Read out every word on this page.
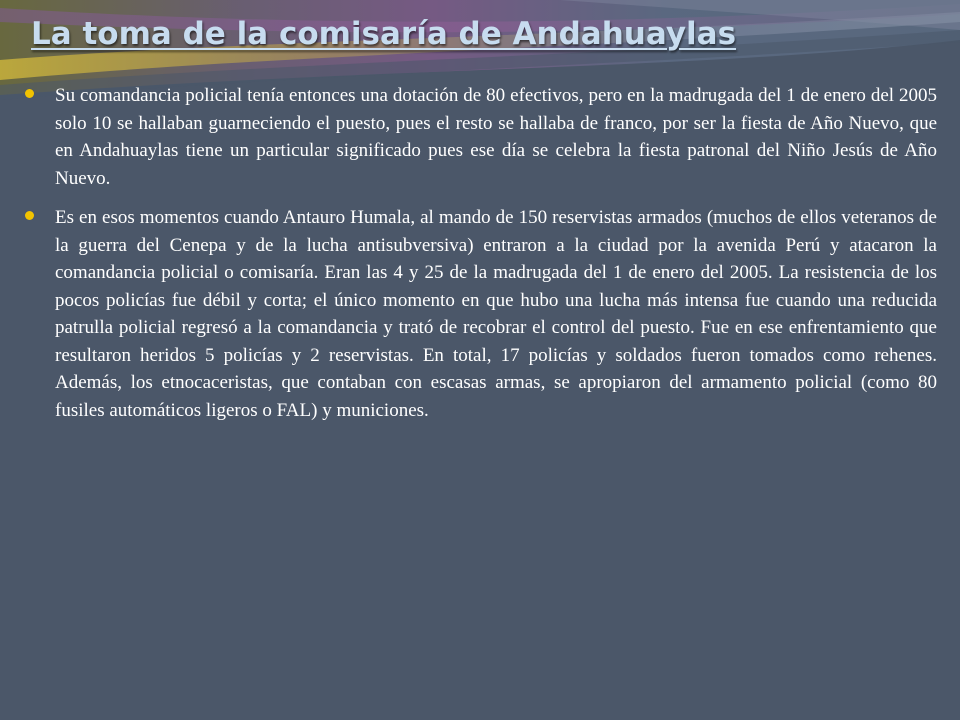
La toma de la comisaría de Andahuaylas
Su comandancia policial tenía entonces una dotación de 80 efectivos, pero en la madrugada del 1 de enero del 2005 solo 10 se hallaban guarneciendo el puesto, pues el resto se hallaba de franco, por ser la fiesta de Año Nuevo, que en Andahuaylas tiene un particular significado pues ese día se celebra la fiesta patronal del Niño Jesús de Año Nuevo.
Es en esos momentos cuando Antauro Humala, al mando de 150 reservistas armados (muchos de ellos veteranos de la guerra del Cenepa y de la lucha antisubversiva) entraron a la ciudad por la avenida Perú y atacaron la comandancia policial o comisaría. Eran las 4 y 25 de la madrugada del 1 de enero del 2005. La resistencia de los pocos policías fue débil y corta; el único momento en que hubo una lucha más intensa fue cuando una reducida patrulla policial regresó a la comandancia y trató de recobrar el control del puesto. Fue en ese enfrentamiento que resultaron heridos 5 policías y 2 reservistas. En total, 17 policías y soldados fueron tomados como rehenes. Además, los etnocaceristas, que contaban con escasas armas, se apropiaron del armamento policial (como 80 fusiles automáticos ligeros o FAL) y municiones.
